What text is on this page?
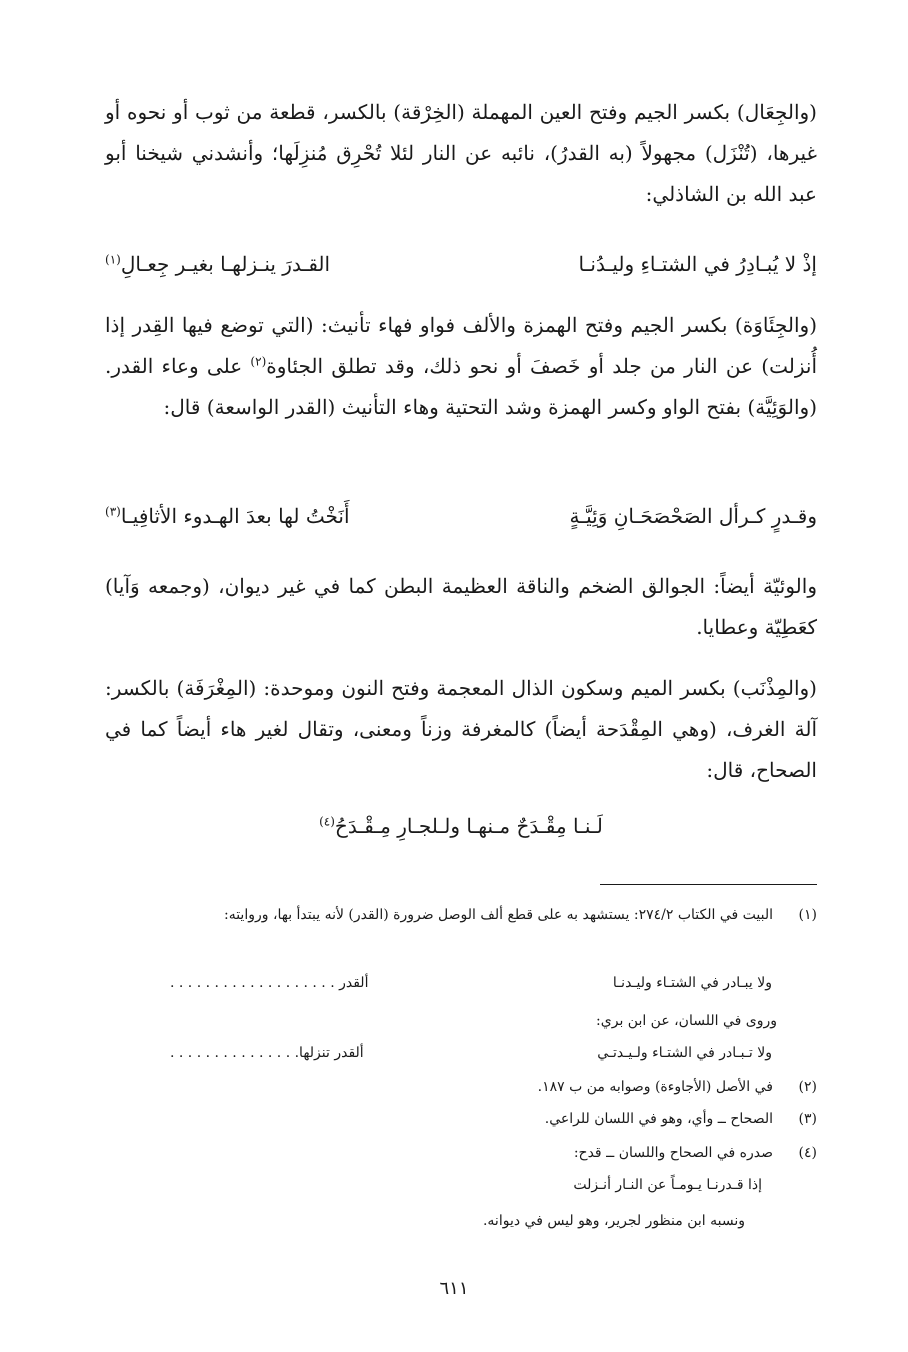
(والجِعَال) بكسر الجيم وفتح العين المهملة (الخِرْقة) بالكسر، قطعة من ثوب أو نحوه أو غيرها، (تُنْزَل) مجهولاً (به القدرُ)، نائبه عن النار لئلا تُحْرِق مُنزِلَها؛ وأنشدني شيخنا أبو عبد الله بن الشاذلي:

إذْ لا يُبـادِرُ في الشتـاءِ وليـدُنـا
القـدرَ ينـزلهـا بغيـر جِعـالِ$^{(١)}$

(والجِئَاوَة) بكسر الجيم وفتح الهمزة والألف فواو فهاء تأنيث: (التي توضع فيها القِدر إذا أُنزلت) عن النار من جلد أو خَصفَ أو نحو ذلك، وقد تطلق الجئاوة$^{(٢)}$ على وعاء القدر. (والوَئِيَّة) بفتح الواو وكسر الهمزة وشد التحتية وهاء التأنيث (القدر الواسعة) قال:

وقـدرٍ كـرأل الصَحْصَحَـانِ وَئِيَّـةٍ
أَنَخْتُ لها بعدَ الهـدوء الأثافِيـا$^{(٣)}$

والوئيّة أيضاً: الجوالق الضخم والناقة العظيمة البطن كما في غير ديوان، (وجمعه وَآيا) كعَطِيّة وعطايا.

(والمِذْنَب) بكسر الميم وسكون الذال المعجمة وفتح النون وموحدة: (المِغْرَفَة) بالكسر: آلة الغرف، (وهي المِقْدَحة أيضاً) كالمغرفة وزناً ومعنى، وتقال لغير هاء أيضاً كما في الصحاح، قال:

لَـنـا مِقْـدَحٌ مـنهـا ولـلجـارِ مِـقْـدَحُ$^{(٤)}$
(١)
البيت في الكتاب ٢٧٤/٢: يستشهد به على قطع ألف الوصل ضرورة (القدر) لأنه يبتدأ بها، وروايته:
ولا يبـادر في الشتـاء وليـدنـا
ألقدر . . . . . . . . . . . . . . . . . . .
وروى في اللسان، عن ابن بري:
ولا تـبـادر في الشتـاء ولـيـدتـي
ألقدر تنزلها. . . . . . . . . . . . . . .
(٢)
في الأصل (الأجاوءة) وصوابه من ب ١٨٧.
(٣)
الصحاح ــ وأي، وهو في اللسان للراعي.
(٤)
صدره في الصحاح واللسان ــ قدح:
إذا قـدرنـا يـومـاً عن النـار أنـزلت
ونسبه ابن منظور لجرير، وهو ليس في ديوانه.
٦١١
